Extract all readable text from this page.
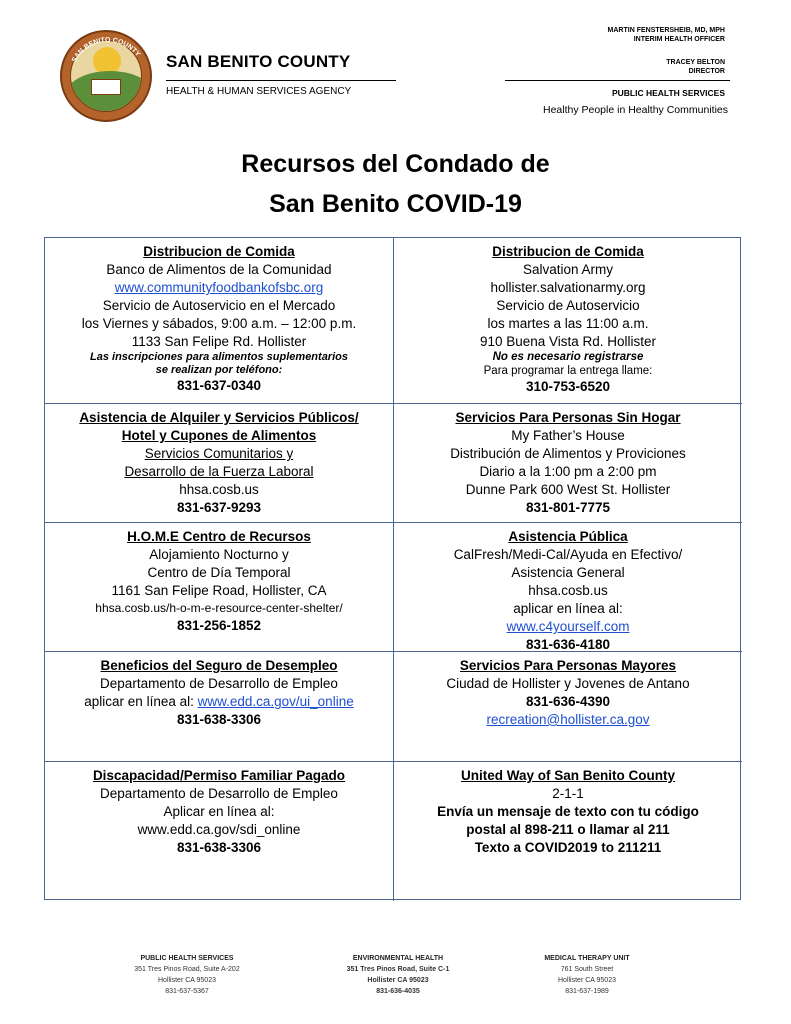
SAN BENITO COUNTY SAN BENITO COUNTY
HEALTH & HUMAN SERVICES AGENCY
MARTIN FENSTERSHEIB, MD, MPH
INTERIM HEALTH OFFICER
TRACEY BELTON
DIRECTOR
PUBLIC HEALTH SERVICES
Healthy People in Healthy Communities
Recursos del Condado de
San Benito COVID-19
Distribucion de Comida
Banco de Alimentos de la Comunidad
www.communityfoodbankofsbc.org
Servicio de Autoservicio en el Mercado
los Viernes y sábados, 9:00 a.m. – 12:00 p.m.
1133 San Felipe Rd. Hollister
Las inscripciones para alimentos suplementarios
se realizan por teléfono:
831-637-0340
Distribucion de Comida
Salvation Army
hollister.salvationarmy.org
Servicio de Autoservicio
los martes a las 11:00 a.m.
910 Buena Vista Rd. Hollister
No es necesario registrarse
Para programar la entrega llame:
310-753-6520
Asistencia de Alquiler y Servicios Públicos/
Hotel y Cupones de Alimentos
Servicios Comunitarios y
Desarrollo de la Fuerza Laboral
hhsa.cosb.us
831-637-9293
Servicios Para Personas Sin Hogar
My Father’s House
Distribución de Alimentos y Proviciones
Diario a la 1:00 pm a 2:00 pm
Dunne Park 600 West St. Hollister
831-801-7775
H.O.M.E Centro de Recursos
Alojamiento Nocturno y
Centro de Día Temporal
1161 San Felipe Road, Hollister, CA
hhsa.cosb.us/h-o-m-e-resource-center-shelter/
831-256-1852
Asistencia Pública
CalFresh/Medi-Cal/Ayuda en Efectivo/
Asistencia General
hhsa.cosb.us
aplicar en línea al:
www.c4yourself.com
831-636-4180
Beneficios del Seguro de Desempleo
Departamento de Desarrollo de Empleo
aplicar en línea al: www.edd.ca.gov/ui_online
831-638-3306
Servicios Para Personas Mayores
Ciudad de Hollister y Jovenes de Antano
831-636-4390
recreation@hollister.ca.gov
Discapacidad/Permiso Familiar Pagado
Departamento de Desarrollo de Empleo
Aplicar en línea al:
www.edd.ca.gov/sdi_online
831-638-3306
United Way of San Benito County
2-1-1
Envía un mensaje de texto con tu código
postal al 898-211 o llamar al 211
Texto a COVID2019 to 211211
PUBLIC HEALTH SERVICES
351 Tres Pinos Road, Suite A-202
Hollister CA 95023
831-637-5367
ENVIRONMENTAL HEALTH
351 Tres Pinos Road, Suite C-1
Hollister CA 95023
831-636-4035
MEDICAL THERAPY UNIT
761 South Street
Hollister CA 95023
831-637-1989
